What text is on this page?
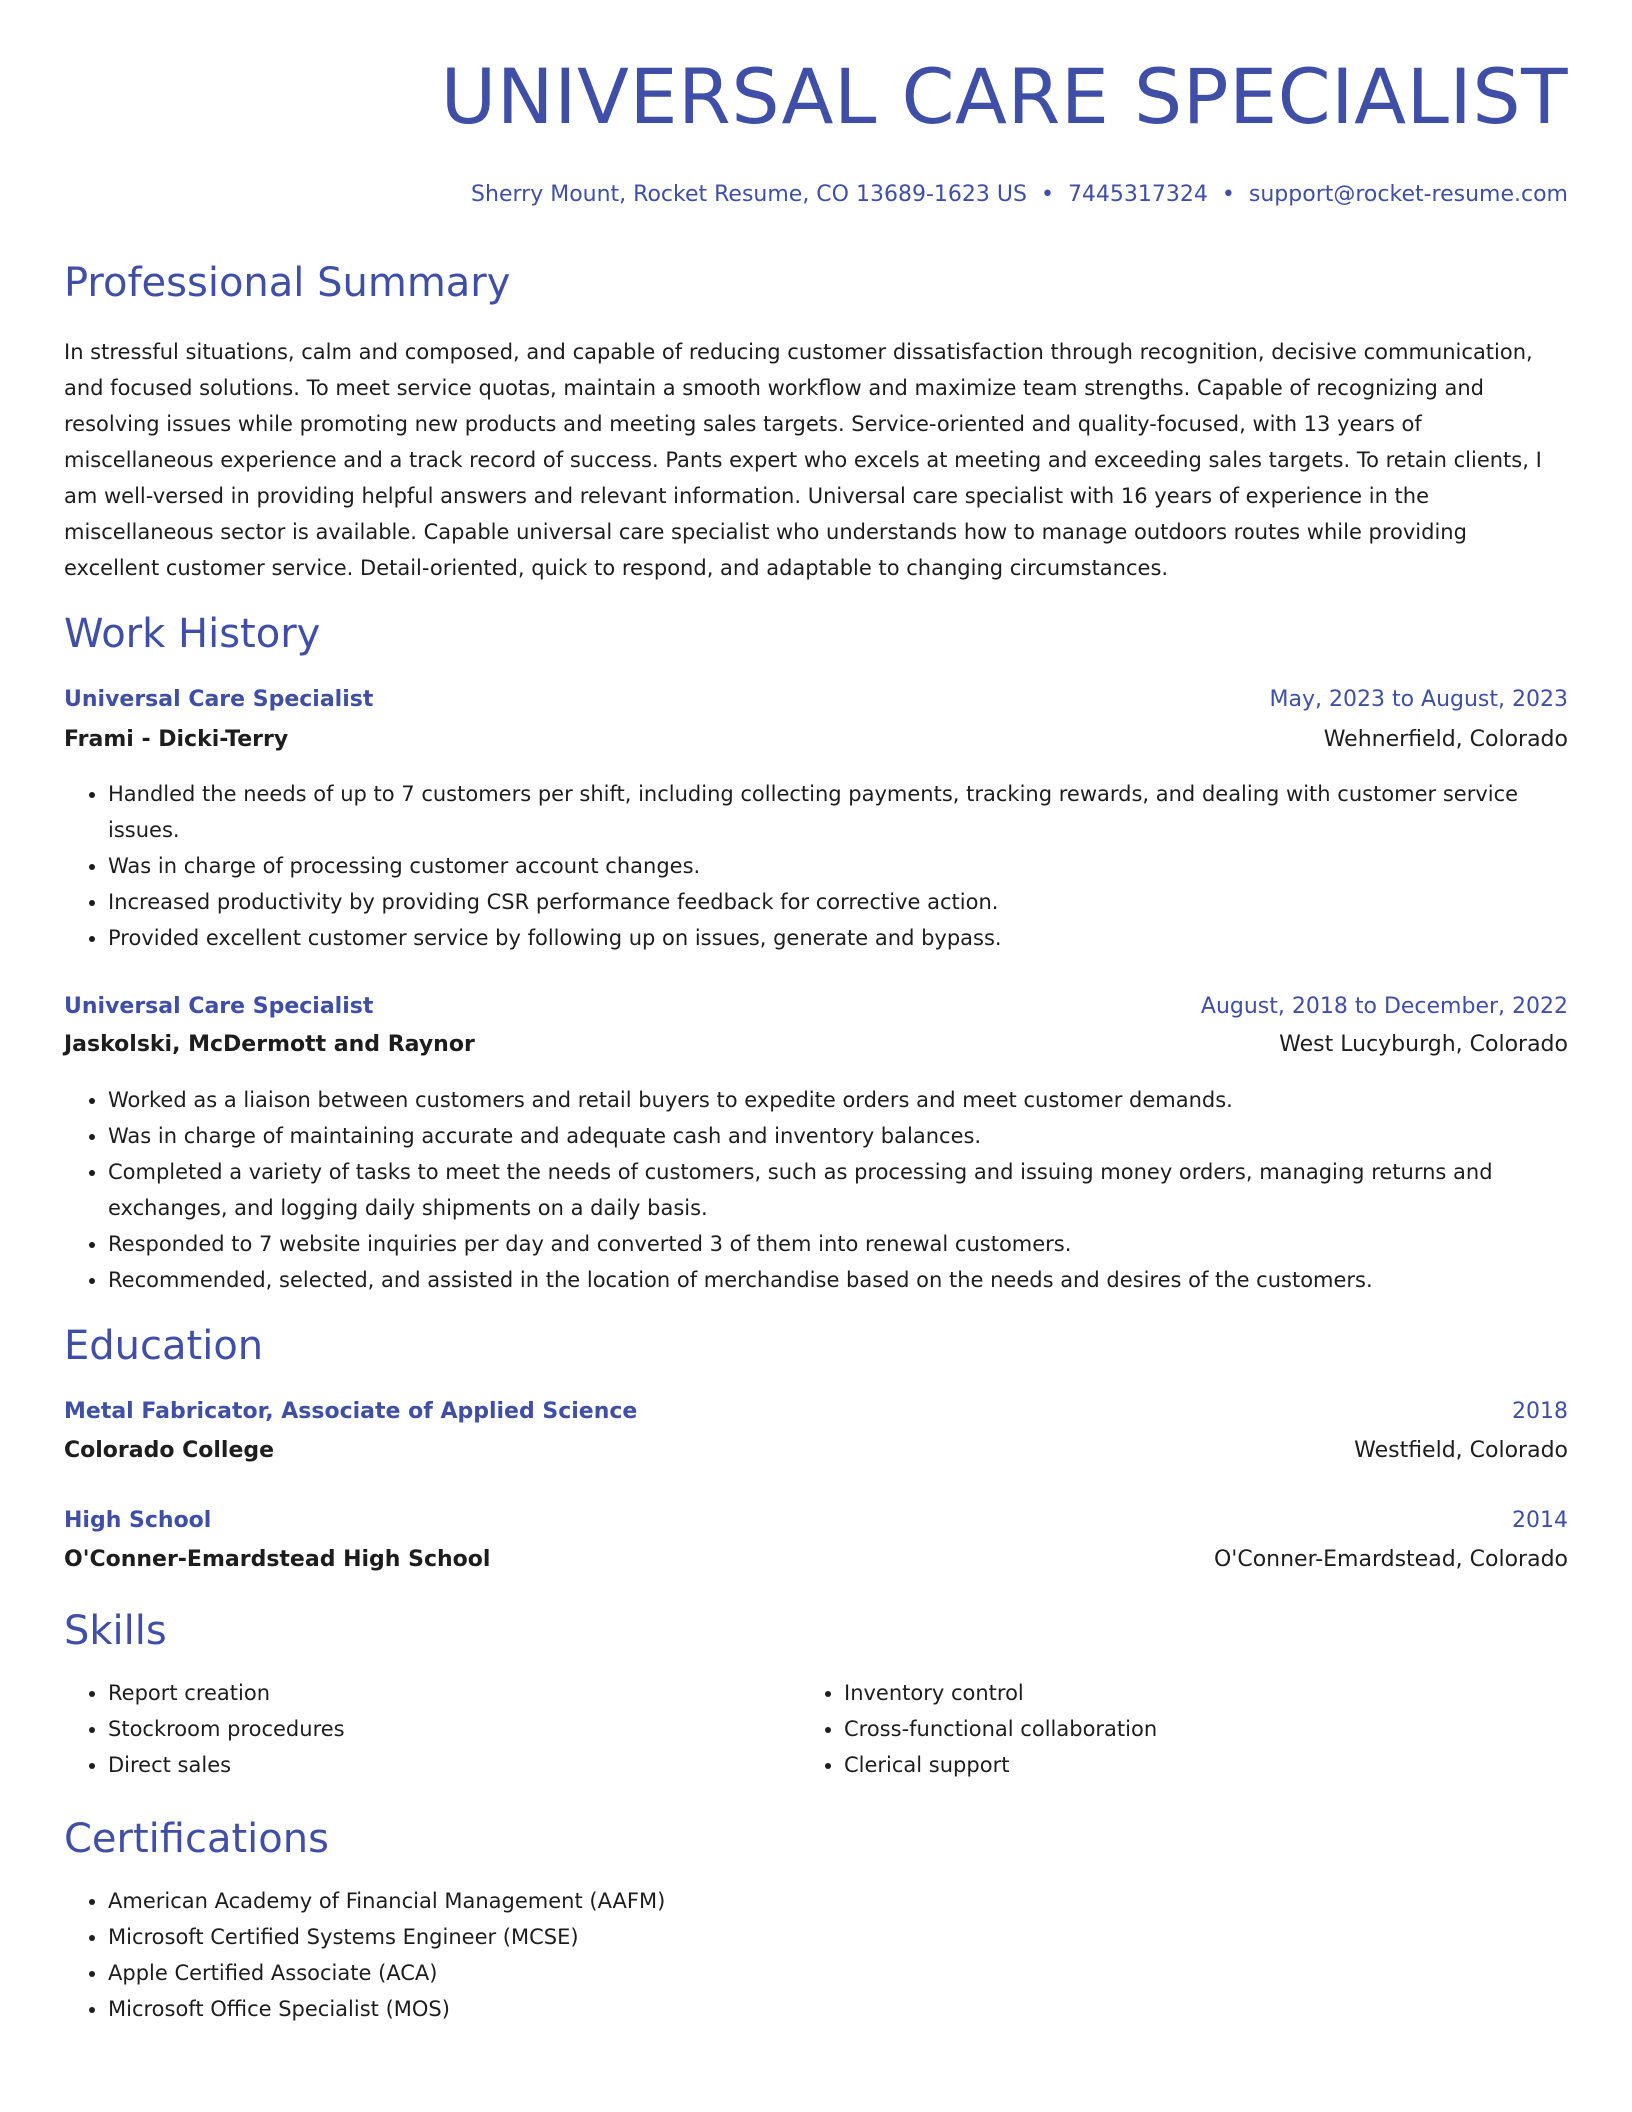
UNIVERSAL CARE SPECIALIST
Sherry Mount, Rocket Resume, CO 13689-1623 US • 7445317324 • support@rocket-resume.com
Professional Summary

In stressful situations, calm and composed, and capable of reducing customer dissatisfaction through recognition, decisive communication, and focused solutions. To meet service quotas, maintain a smooth workflow and maximize team strengths. Capable of recognizing and resolving issues while promoting new products and meeting sales targets. Service-oriented and quality-focused, with 13 years of miscellaneous experience and a track record of success. Pants expert who excels at meeting and exceeding sales targets. To retain clients, I am well-versed in providing helpful answers and relevant information. Universal care specialist with 16 years of experience in the miscellaneous sector is available. Capable universal care specialist who understands how to manage outdoors routes while providing excellent customer service. Detail-oriented, quick to respond, and adaptable to changing circumstances.

Work History
Universal Care Specialist	May, 2023 to August, 2023
Frami - Dicki-Terry	Wehnerfield, Colorado
• Handled the needs of up to 7 customers per shift, including collecting payments, tracking rewards, and dealing with customer service issues.
• Was in charge of processing customer account changes.
• Increased productivity by providing CSR performance feedback for corrective action.
• Provided excellent customer service by following up on issues, generate and bypass.
Universal Care Specialist	August, 2018 to December, 2022
Jaskolski, McDermott and Raynor	West Lucyburgh, Colorado
• Worked as a liaison between customers and retail buyers to expedite orders and meet customer demands.
• Was in charge of maintaining accurate and adequate cash and inventory balances.
• Completed a variety of tasks to meet the needs of customers, such as processing and issuing money orders, managing returns and exchanges, and logging daily shipments on a daily basis.
• Responded to 7 website inquiries per day and converted 3 of them into renewal customers.
• Recommended, selected, and assisted in the location of merchandise based on the needs and desires of the customers.
Education
Metal Fabricator, Associate of Applied Science	2018
Colorado College	Westfield, Colorado
High School	2014
O'Conner-Emardstead High School	O'Conner-Emardstead, Colorado
Skills
• Report creation
• Stockroom procedures
• Direct sales
• Inventory control
• Cross-functional collaboration
• Clerical support
Certifications
• American Academy of Financial Management (AAFM)
• Microsoft Certified Systems Engineer (MCSE)
• Apple Certified Associate (ACA)
• Microsoft Office Specialist (MOS)
